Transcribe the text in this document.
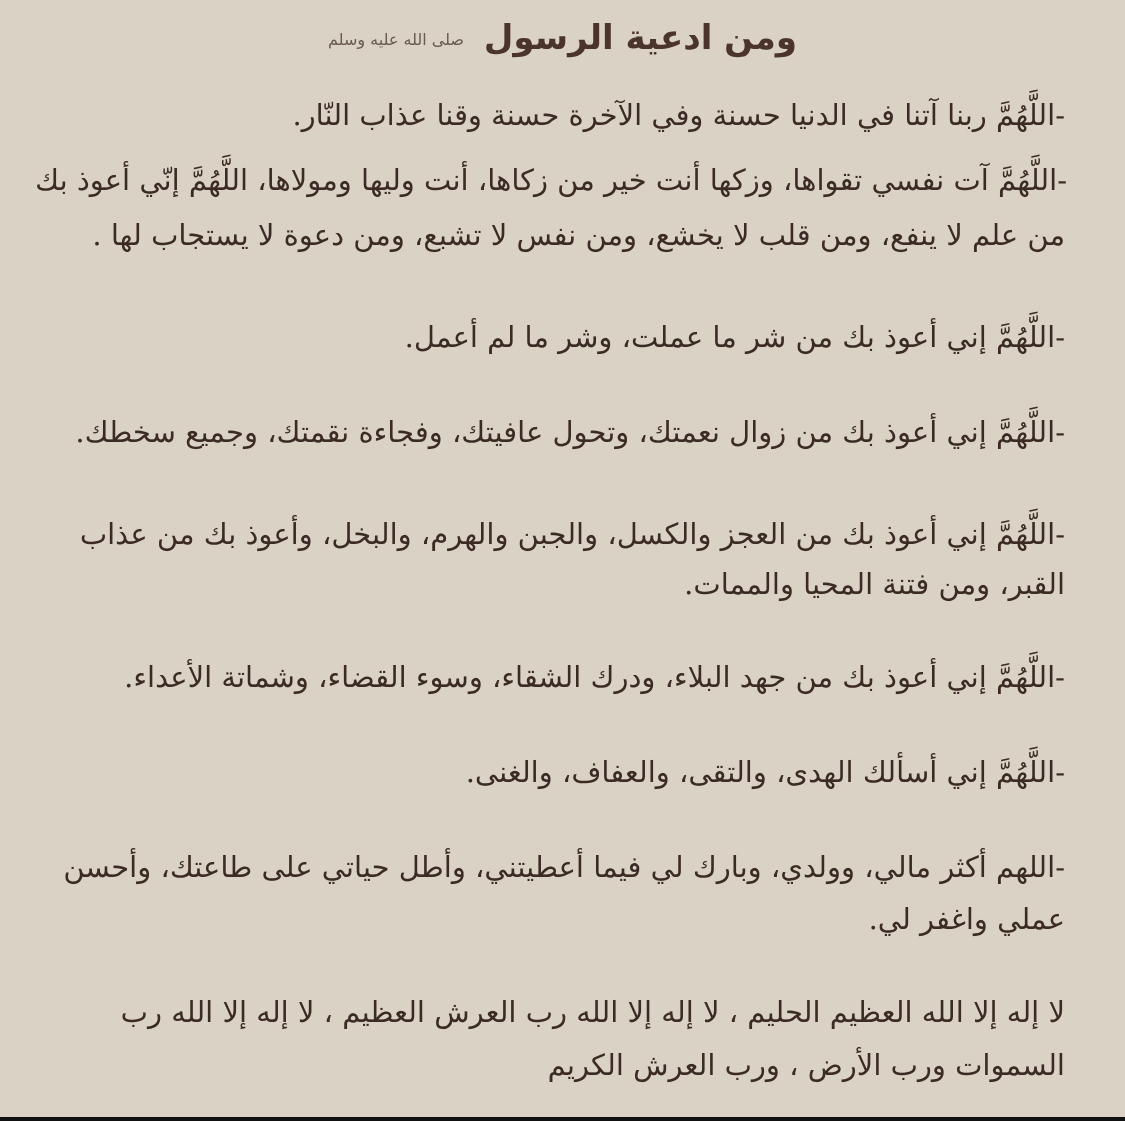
ومن ادعية الرسول صلى الله عليه وسلم
-اللَّهُمَّ ربنا آتنا في الدنيا حسنة وفي الآخرة حسنة وقنا عذاب النّار.
-اللَّهُمَّ آت نفسي تقواها، وزكها أنت خير من زكاها، أنت وليها ومولاها، اللَّهُمَّ إنّي أعوذ بك
من علم لا ينفع، ومن قلب لا يخشع، ومن نفس لا تشبع، ومن دعوة لا يستجاب لها .
-اللَّهُمَّ إني أعوذ بك من شر ما عملت، وشر ما لم أعمل.
-اللَّهُمَّ إني أعوذ بك من زوال نعمتك، وتحول عافيتك، وفجاءة نقمتك، وجميع سخطك.
-اللَّهُمَّ إني أعوذ بك من العجز والكسل، والجبن والهرم، والبخل، وأعوذ بك من عذاب
القبر، ومن فتنة المحيا والممات.
-اللَّهُمَّ إني أعوذ بك من جهد البلاء، ودرك الشقاء، وسوء القضاء، وشماتة الأعداء.
-اللَّهُمَّ إني أسألك الهدى، والتقى، والعفاف، والغنى.
-اللهم أكثر مالي، وولدي، وبارك لي فيما أعطيتني، وأطل حياتي على طاعتك، وأحسن
عملي واغفر لي.
لا إله إلا الله العظيم الحليم ، لا إله إلا الله رب العرش العظيم ، لا إله إلا الله رب
السموات ورب الأرض ، ورب العرش الكريم
